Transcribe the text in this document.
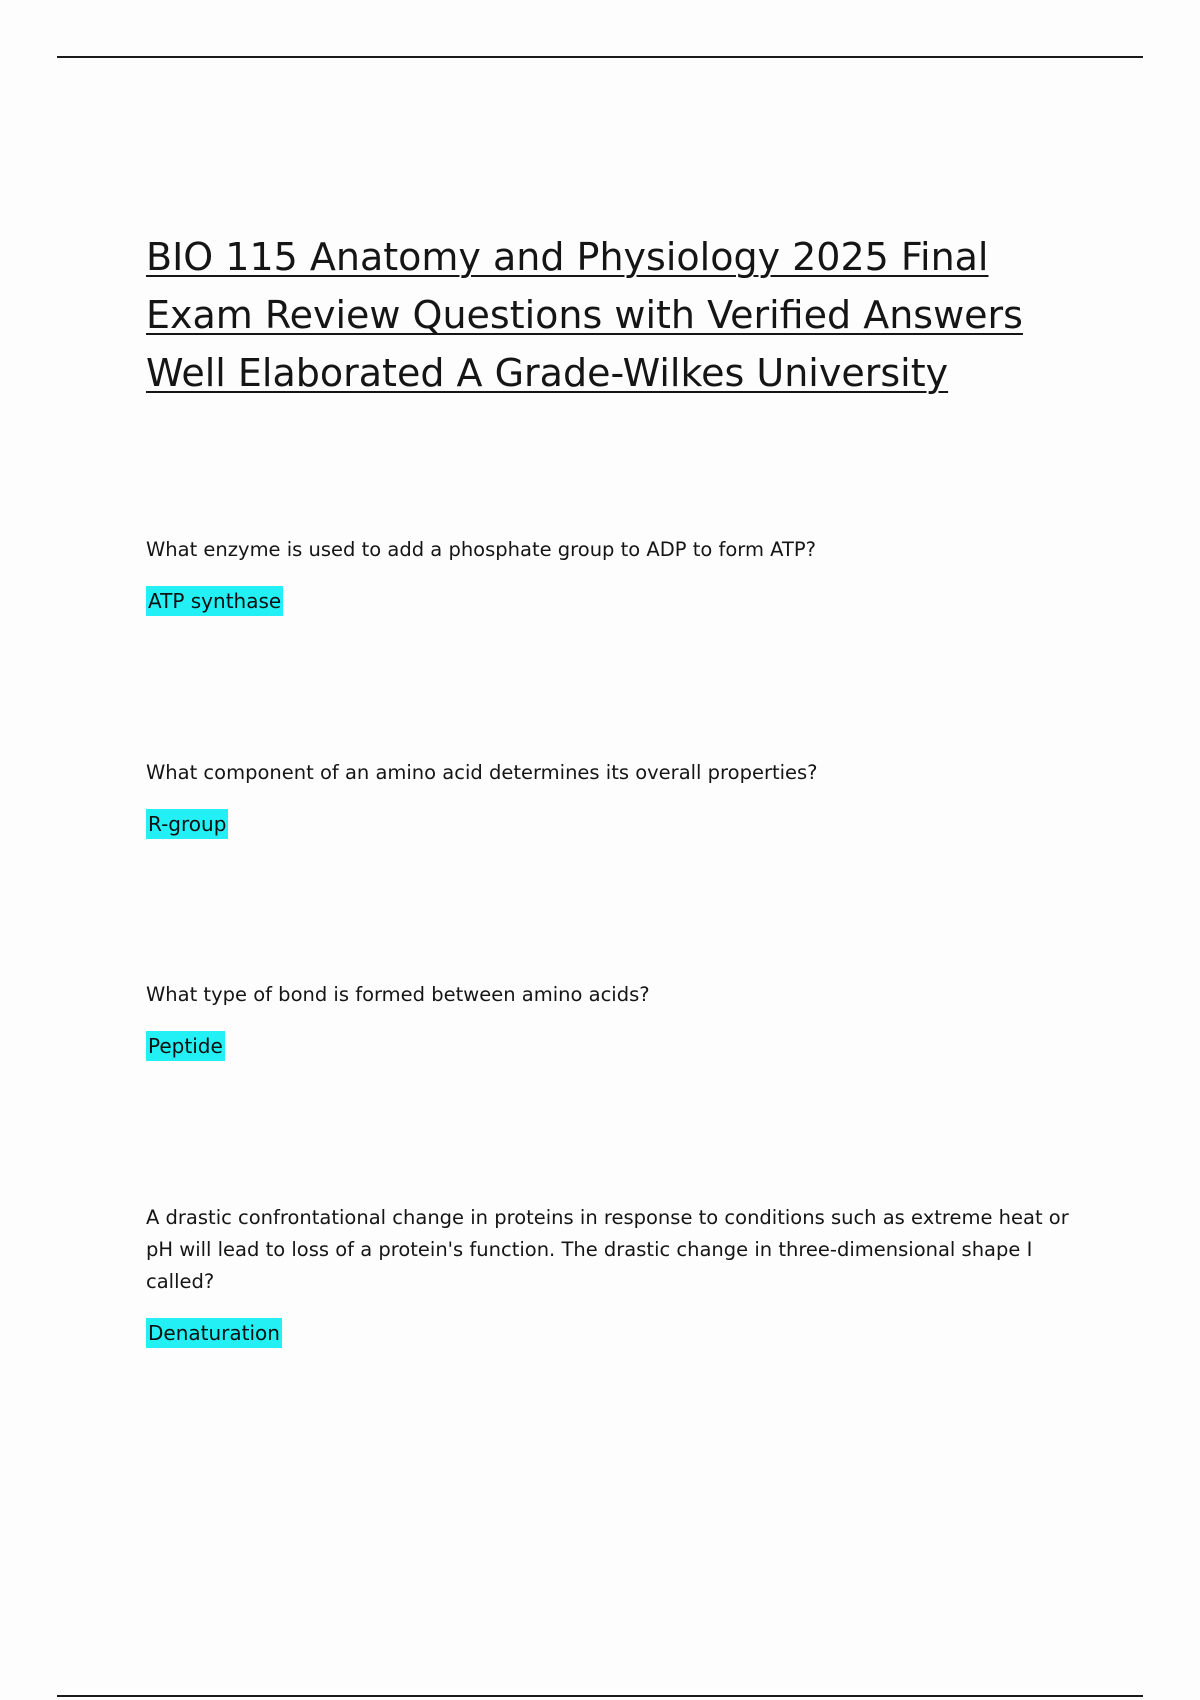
BIO 115 Anatomy and Physiology 2025 Final Exam Review Questions with Verified Answers Well Elaborated A Grade-Wilkes University

What enzyme is used to add a phosphate group to ADP to form ATP?

ATP synthase

What component of an amino acid determines its overall properties?

R-group

What type of bond is formed between amino acids?

Peptide

A drastic confrontational change in proteins in response to conditions such as extreme heat or pH will lead to loss of a protein's function. The drastic change in three-dimensional shape I called?

Denaturation
